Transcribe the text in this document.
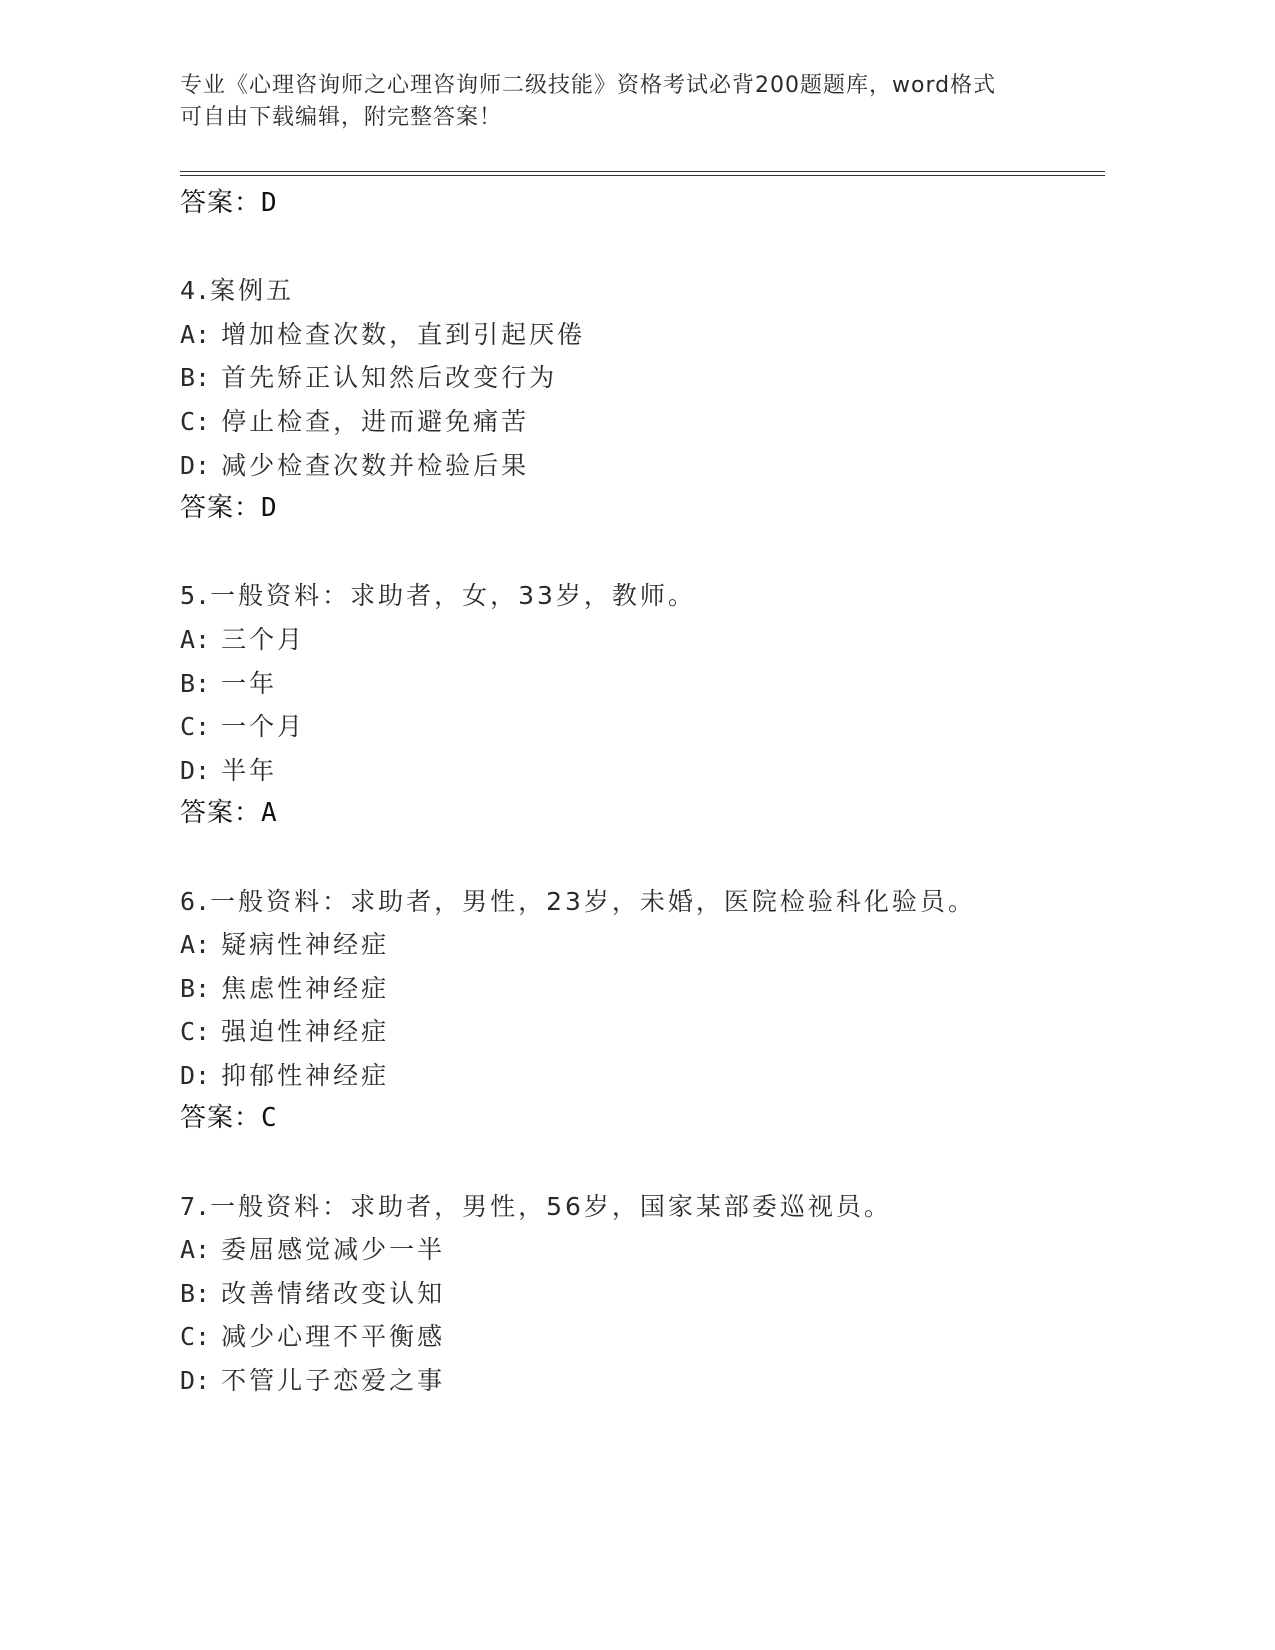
专业《心理咨询师之心理咨询师二级技能》资格考试必背200题题库，word格式
可自由下载编辑，附完整答案！
答案：D
4.案例五
A: 增加检查次数，直到引起厌倦
B: 首先矫正认知然后改变行为
C: 停止检查，进而避免痛苦
D: 减少检查次数并检验后果
答案：D
5.一般资料：求助者，女，33岁，教师。
A: 三个月
B: 一年
C: 一个月
D: 半年
答案：A
6.一般资料：求助者，男性，23岁，未婚，医院检验科化验员。
A: 疑病性神经症
B: 焦虑性神经症
C: 强迫性神经症
D: 抑郁性神经症
答案：C
7.一般资料：求助者，男性，56岁，国家某部委巡视员。
A: 委屈感觉减少一半
B: 改善情绪改变认知
C: 减少心理不平衡感
D: 不管儿子恋爱之事
